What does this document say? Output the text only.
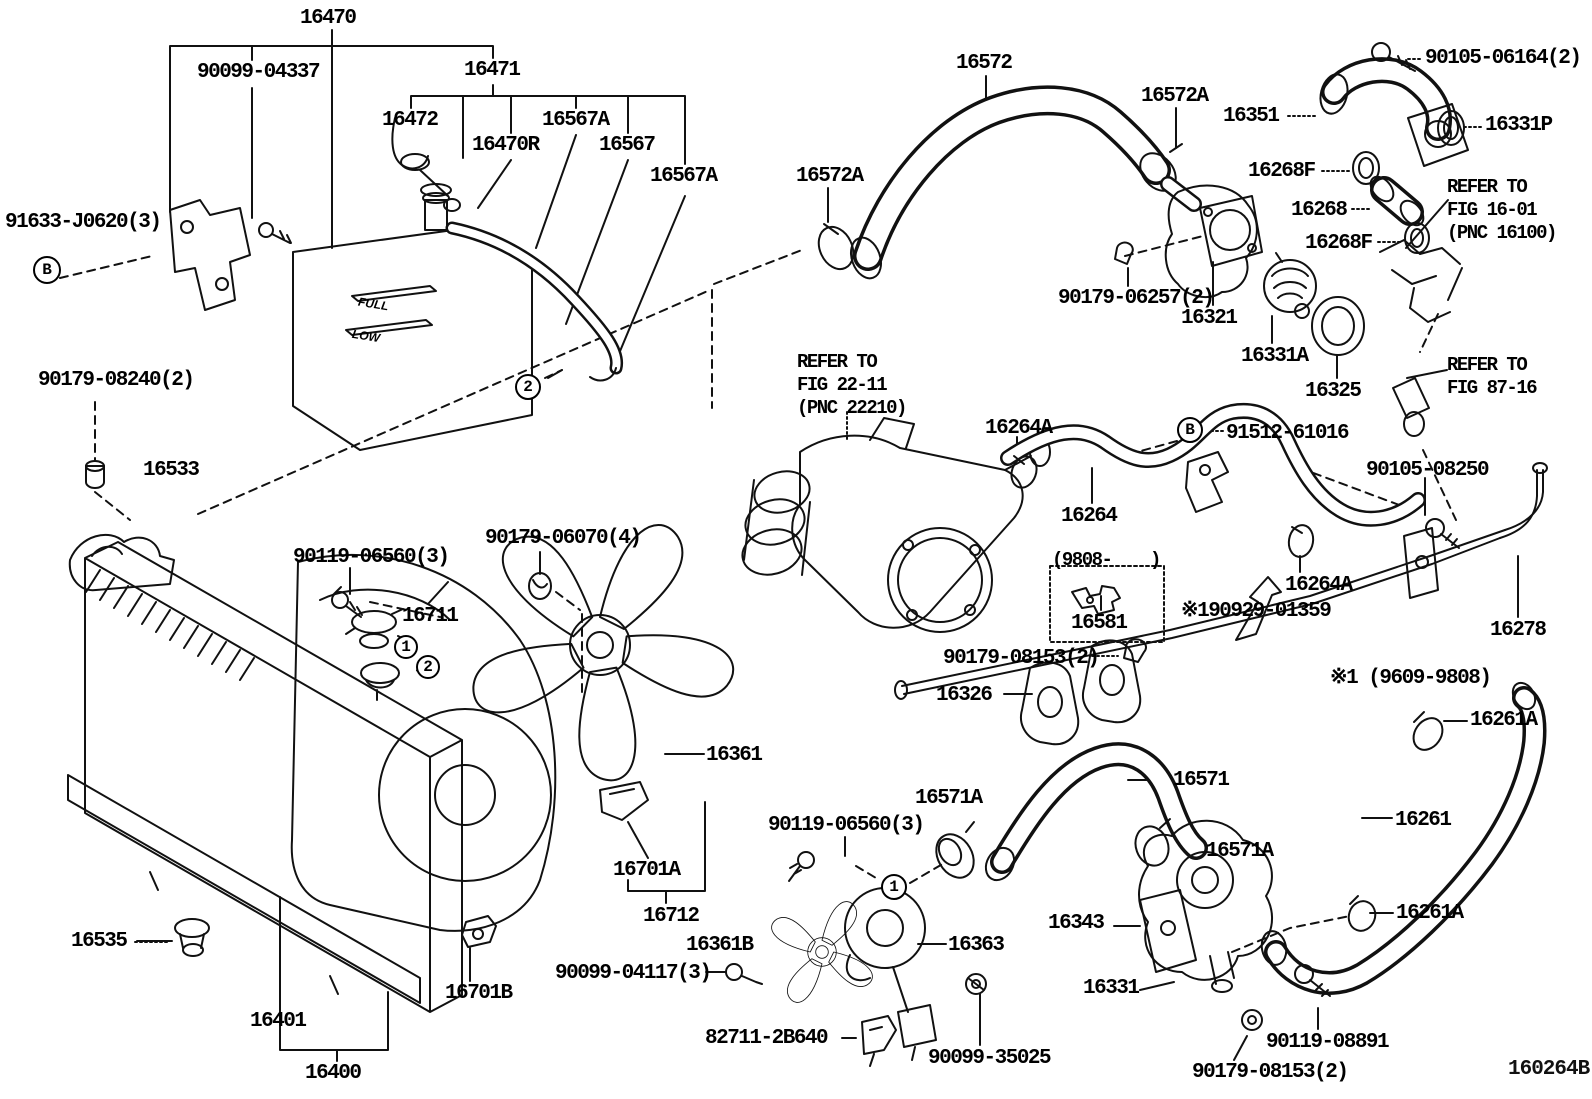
FULL
LOW
160264B
16470
90099-04337	16471
16472	16567A
16470R	16567
16567A
91633-J0620(3)
90179-08240(2)
16533
90119-06560(3)
90179-06070(4)
16711
16361
16535
16401
16400
16701B
16701A
16712
16361B
90099-04117(3)
82711-2B640
16363
90099-35025
90119-06560(3)
16571A
16571
16571A
16343
16331
16261A
90119-08891
90179-08153(2)
16261
16261A
※1 (9609-9808)
16278
16326
90179-08153(2)
16581
(9808- )
※190929-01359
16264A
90105-08250
91512-61016
16264
16264A
REFER TO
FIG 22-11
(PNC 22210)
16321
16331A
16325
REFER TO
FIG 87-16
90179-06257(2)
16268F
16268
16268F
REFER TO
FIG 16-01
(PNC 16100)
16331P
16351
90105-06164(2)
16572A
16572
16572A
B
2
1
2
1
B
